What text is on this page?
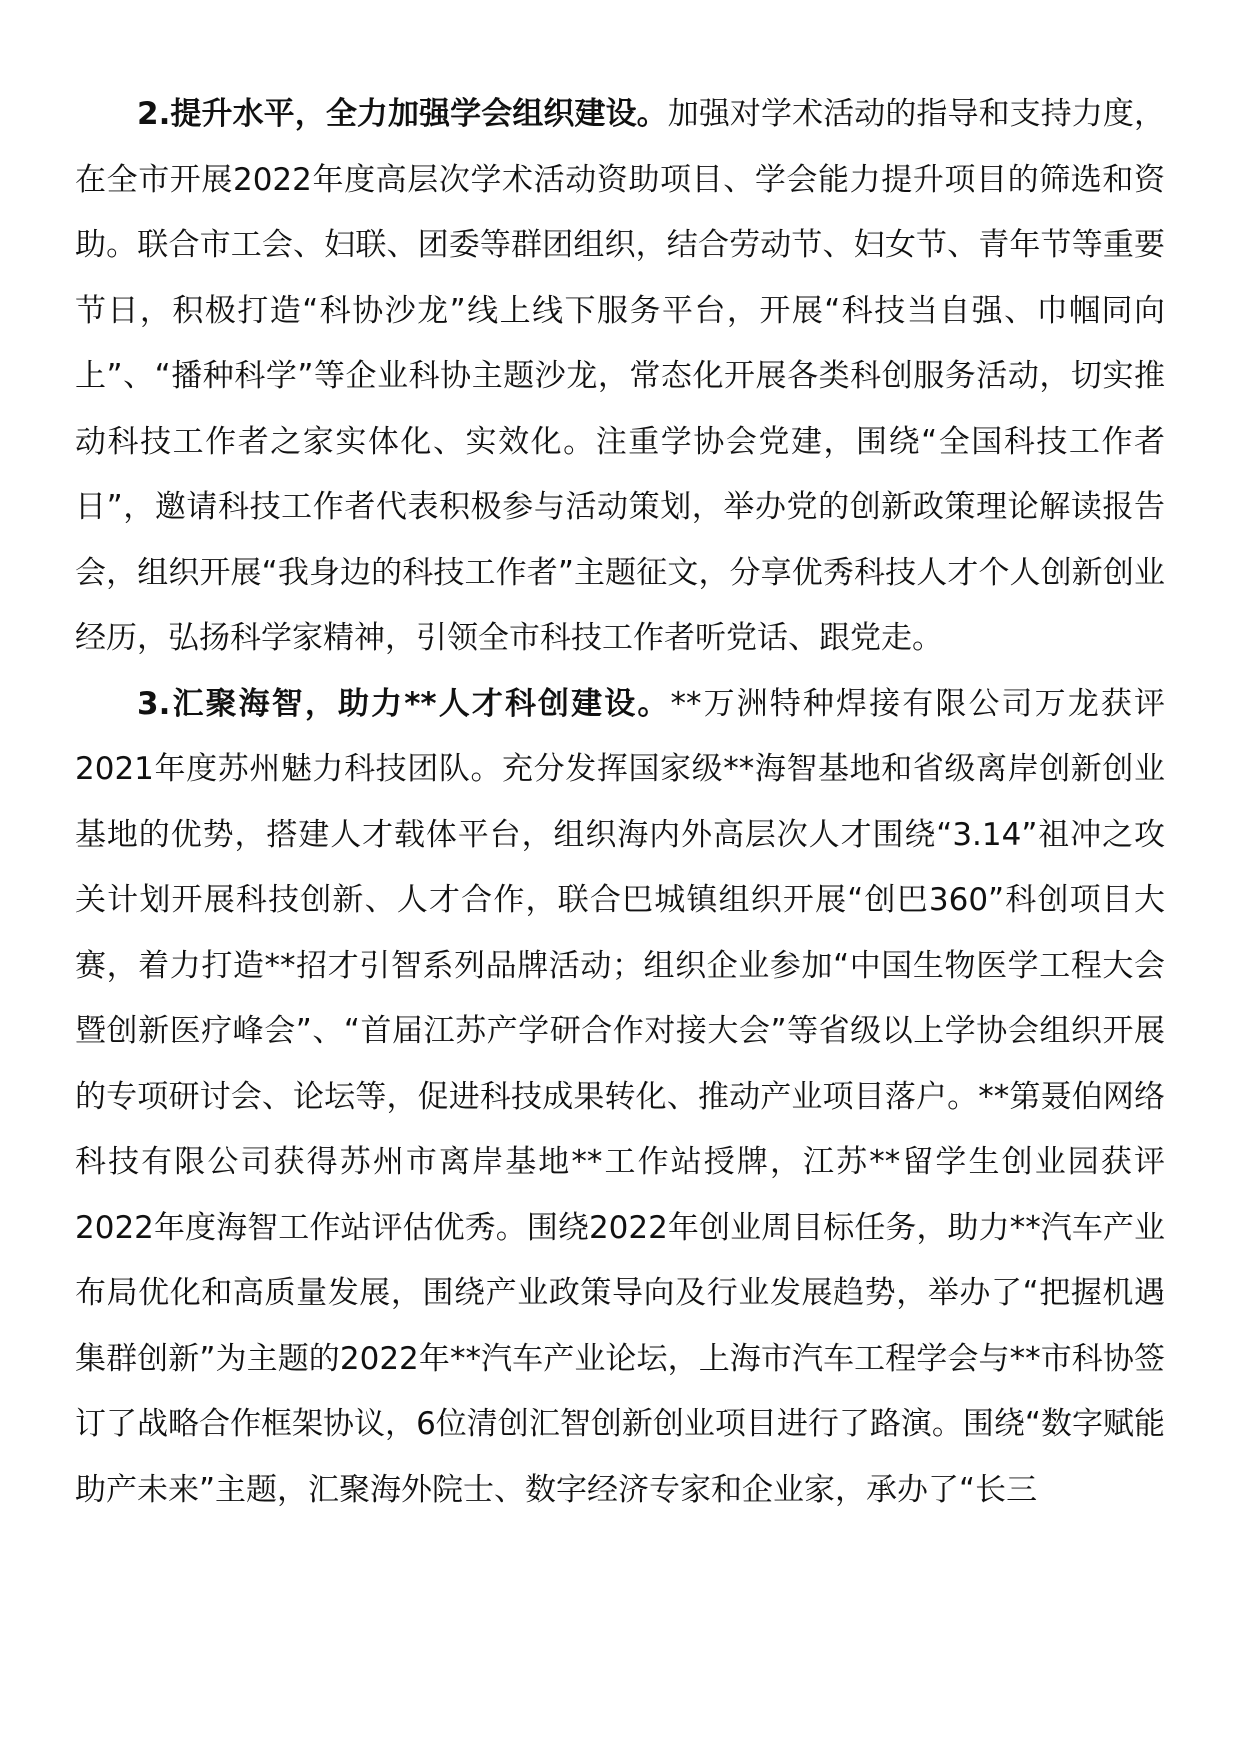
2.提升水平，全力加强学会组织建设。加强对学术活动的指导和支持力度，在全市开展2022年度高层次学术活动资助项目、学会能力提升项目的筛选和资助。联合市工会、妇联、团委等群团组织，结合劳动节、妇女节、青年节等重要节日，积极打造“科协沙龙”线上线下服务平台，开展“科技当自强、巾帼同向上”、“播种科学”等企业科协主题沙龙，常态化开展各类科创服务活动，切实推动科技工作者之家实体化、实效化。注重学协会党建，围绕“全国科技工作者日”，邀请科技工作者代表积极参与活动策划，举办党的创新政策理论解读报告会，组织开展“我身边的科技工作者”主题征文，分享优秀科技人才个人创新创业经历，弘扬科学家精神，引领全市科技工作者听党话、跟党走。

3.汇聚海智，助力**人才科创建设。**万洲特种焊接有限公司万龙获评2021年度苏州魅力科技团队。充分发挥国家级**海智基地和省级离岸创新创业基地的优势，搭建人才载体平台，组织海内外高层次人才围绕“3.14”祖冲之攻关计划开展科技创新、人才合作，联合巴城镇组织开展“创巴360”科创项目大赛，着力打造**招才引智系列品牌活动；组织企业参加“中国生物医学工程大会暨创新医疗峰会”、“首届江苏产学研合作对接大会”等省级以上学协会组织开展的专项研讨会、论坛等，促进科技成果转化、推动产业项目落户。**第聂伯网络科技有限公司获得苏州市离岸基地**工作站授牌，江苏**留学生创业园获评2022年度海智工作站评估优秀。围绕2022年创业周目标任务，助力**汽车产业布局优化和高质量发展，围绕产业政策导向及行业发展趋势，举办了“把握机遇集群创新”为主题的2022年**汽车产业论坛，上海市汽车工程学会与**市科协签订了战略合作框架协议，6位清创汇智创新创业项目进行了路演。围绕“数字赋能助产未来”主题，汇聚海外院士、数字经济专家和企业家，承办了“长三
